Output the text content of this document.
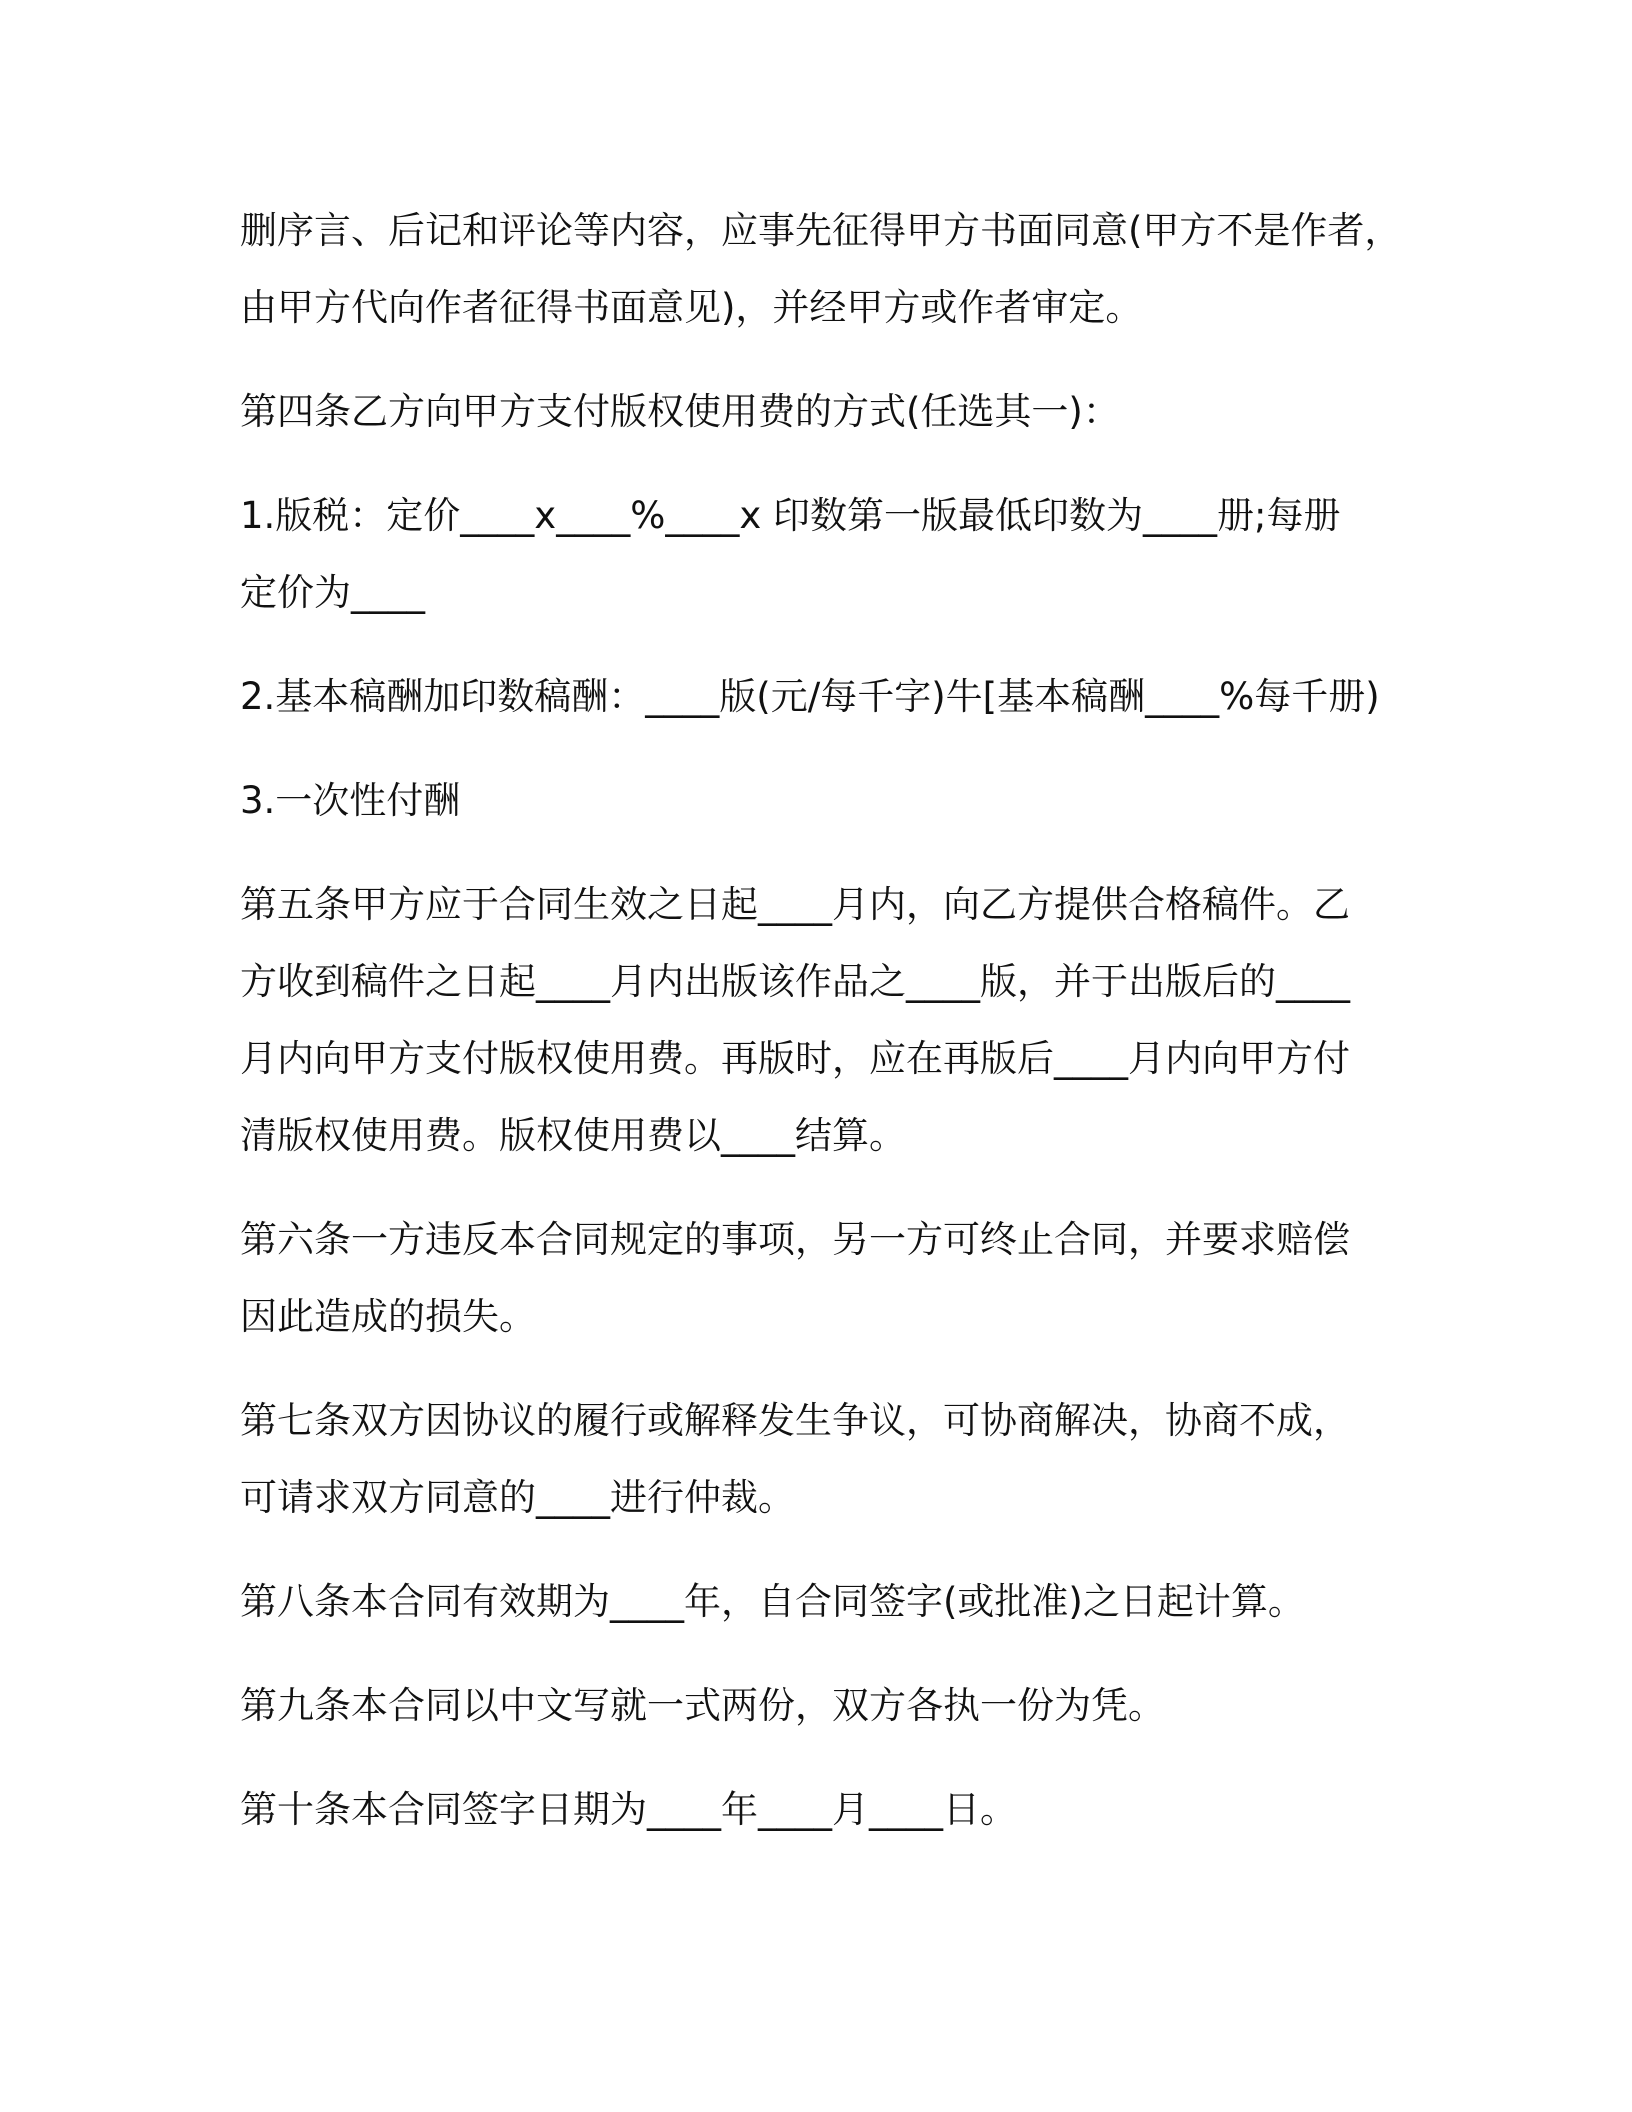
删序言、后记和评论等内容，应事先征得甲方书面同意(甲方不是作者，
由甲方代向作者征得书面意见)，并经甲方或作者审定。

第四条乙方向甲方支付版权使用费的方式(任选其一)：

1.版税：定价____x____%____x 印数第一版最低印数为____册;每册
定价为____

2.基本稿酬加印数稿酬：____版(元/每千字)牛[基本稿酬____%每千册)

3.一次性付酬

第五条甲方应于合同生效之日起____月内，向乙方提供合格稿件。乙
方收到稿件之日起____月内出版该作品之____版，并于出版后的____
月内向甲方支付版权使用费。再版时，应在再版后____月内向甲方付
清版权使用费。版权使用费以____结算。

第六条一方违反本合同规定的事项，另一方可终止合同，并要求赔偿
因此造成的损失。

第七条双方因协议的履行或解释发生争议，可协商解决，协商不成，
可请求双方同意的____进行仲裁。

第八条本合同有效期为____年，自合同签字(或批准)之日起计算。

第九条本合同以中文写就一式两份，双方各执一份为凭。

第十条本合同签字日期为____年____月____日。
